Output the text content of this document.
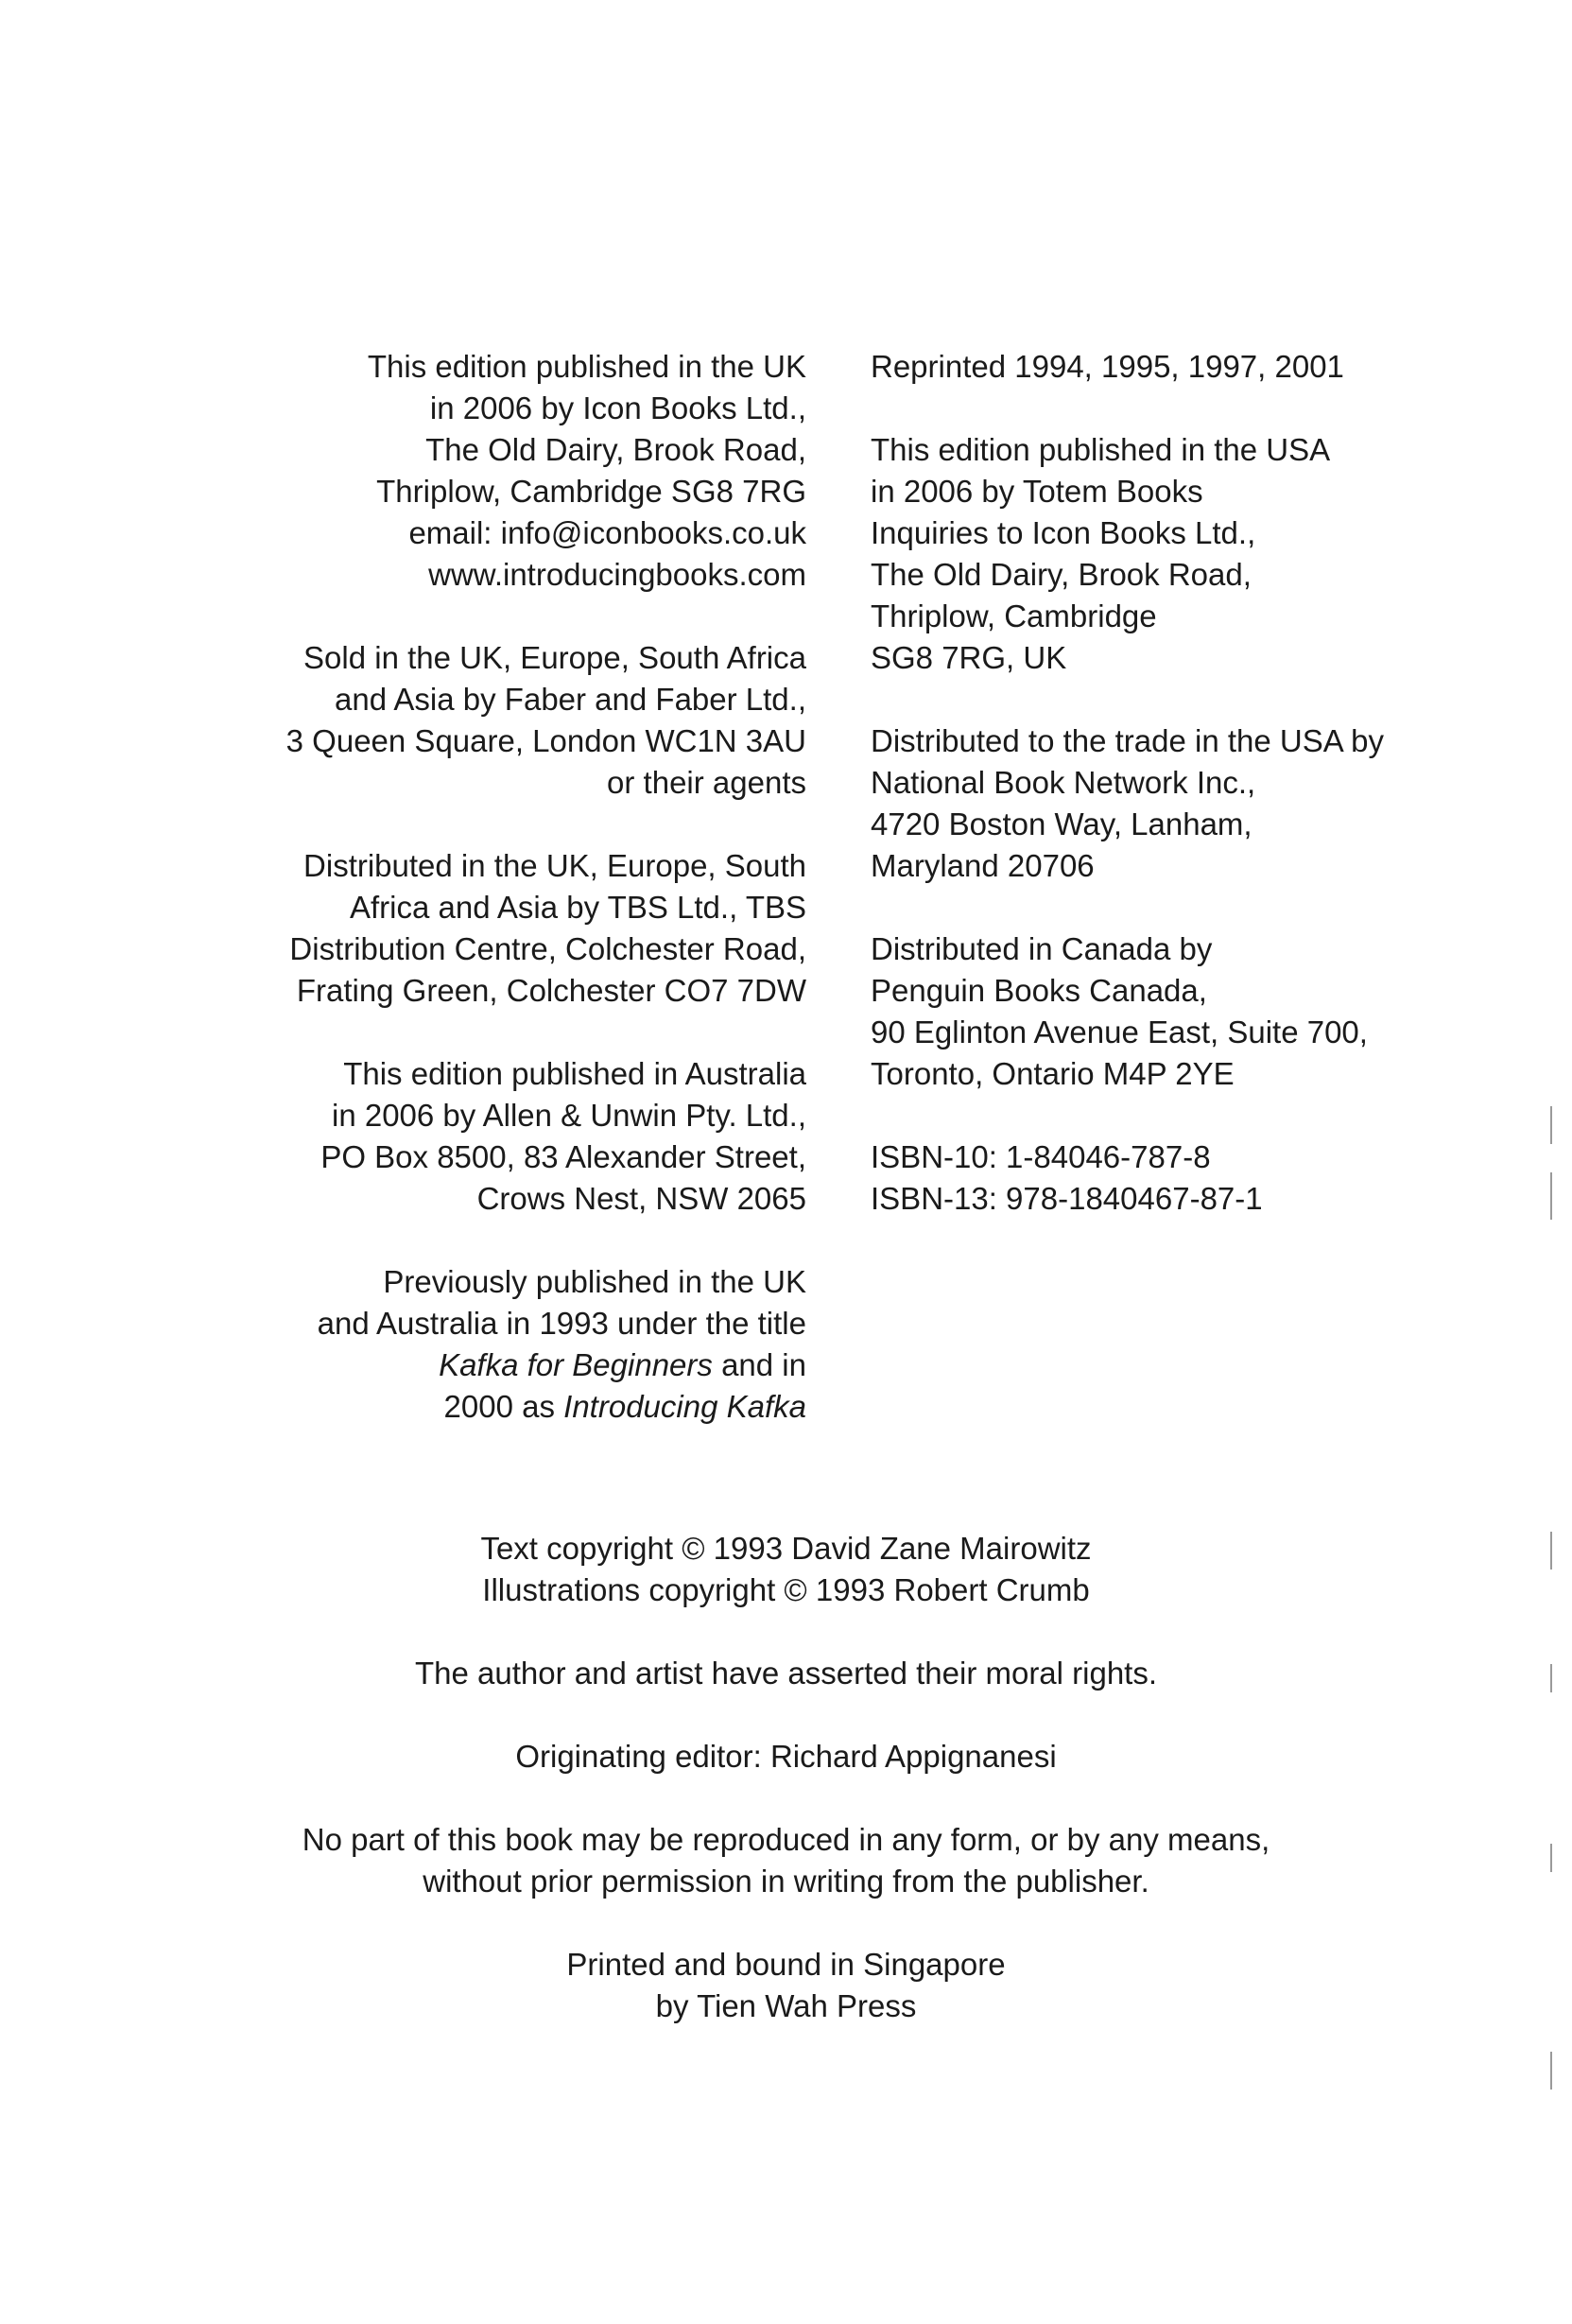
This edition published in the UK
in 2006 by Icon Books Ltd.,
The Old Dairy, Brook Road,
Thriplow, Cambridge SG8 7RG
email: info@iconbooks.co.uk
www.introducingbooks.com
Sold in the UK, Europe, South Africa
and Asia by Faber and Faber Ltd.,
3 Queen Square, London WC1N 3AU
or their agents
Distributed in the UK, Europe, South
Africa and Asia by TBS Ltd., TBS
Distribution Centre, Colchester Road,
Frating Green, Colchester CO7 7DW
This edition published in Australia
in 2006 by Allen & Unwin Pty. Ltd.,
PO Box 8500, 83 Alexander Street,
Crows Nest, NSW 2065
Previously published in the UK
and Australia in 1993 under the title
Kafka for Beginners and in
2000 as Introducing Kafka
Reprinted 1994, 1995, 1997, 2001
This edition published in the USA
in 2006 by Totem Books
Inquiries to Icon Books Ltd.,
The Old Dairy, Brook Road,
Thriplow, Cambridge
SG8 7RG, UK
Distributed to the trade in the USA by
National Book Network Inc.,
4720 Boston Way, Lanham,
Maryland 20706
Distributed in Canada by
Penguin Books Canada,
90 Eglinton Avenue East, Suite 700,
Toronto, Ontario M4P 2YE
ISBN-10: 1-84046-787-8
ISBN-13: 978-1840467-87-1
Text copyright © 1993 David Zane Mairowitz
Illustrations copyright © 1993 Robert Crumb
The author and artist have asserted their moral rights.
Originating editor: Richard Appignanesi
No part of this book may be reproduced in any form, or by any means,
without prior permission in writing from the publisher.
Printed and bound in Singapore
by Tien Wah Press
